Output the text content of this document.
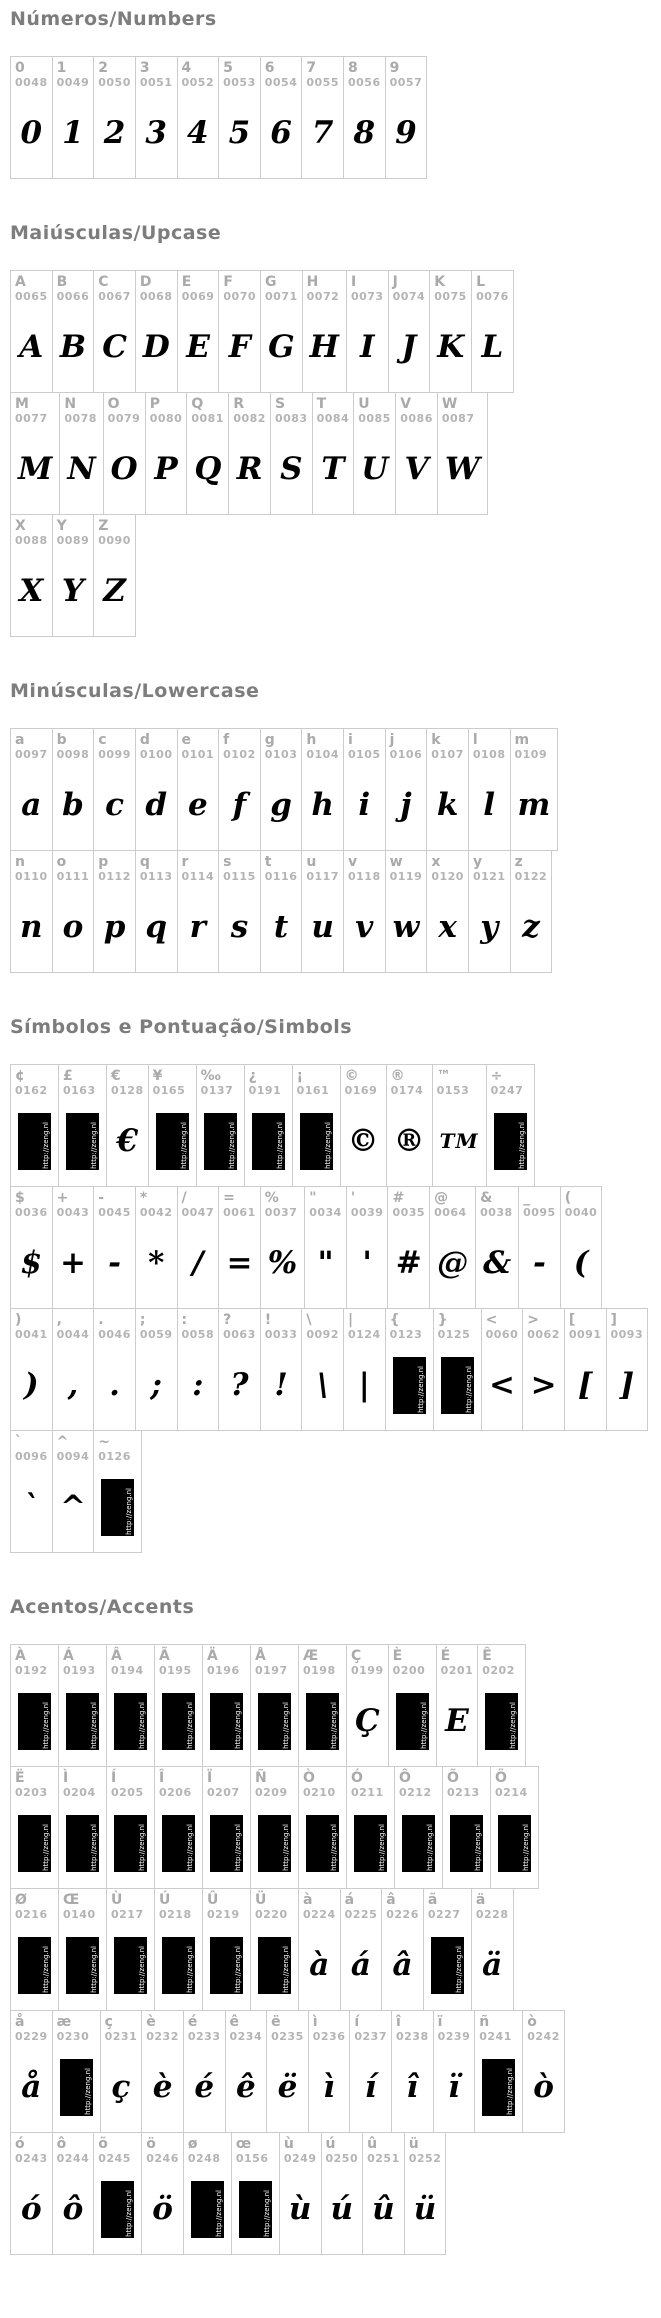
Números/Numbers
0
0048
0
1
0049
1
2
0050
2
3
0051
3
4
0052
4
5
0053
5
6
0054
6
7
0055
7
8
0056
8
9
0057
9
Maiúsculas/Upcase
A
0065
A
B
0066
B
C
0067
C
D
0068
D
E
0069
E
F
0070
F
G
0071
G
H
0072
H
I
0073
I
J
0074
J
K
0075
K
L
0076
L
M
0077
M
N
0078
N
O
0079
O
P
0080
P
Q
0081
Q
R
0082
R
S
0083
S
T
0084
T
U
0085
U
V
0086
V
W
0087
W
X
0088
X
Y
0089
Y
Z
0090
Z
Minúsculas/Lowercase
a
0097
a
b
0098
b
c
0099
c
d
0100
d
e
0101
e
f
0102
f
g
0103
g
h
0104
h
i
0105
i
j
0106
j
k
0107
k
l
0108
l
m
0109
m
n
0110
n
o
0111
o
p
0112
p
q
0113
q
r
0114
r
s
0115
s
t
0116
t
u
0117
u
v
0118
v
w
0119
w
x
0120
x
y
0121
y
z
0122
z
Símbolos e Pontuação/Simbols
¢
0162
http://zeng.nl
£
0163
http://zeng.nl
€
0128
€
¥
0165
http://zeng.nl
‰
0137
http://zeng.nl
¿
0191
http://zeng.nl
¡
0161
http://zeng.nl
©
0169
©
®
0174
®
™
0153
TM
÷
0247
http://zeng.nl
$
0036
$
+
0043
+
-
0045
-
*
0042
*
/
0047
/
=
0061
=
%
0037
%
"
0034
"
'
0039
'
#
0035
#
@
0064
@
&
0038
&
_
0095
-
(
0040
(
)
0041
)
,
0044
,
.
0046
.
;
0059
;
:
0058
:
?
0063
?
!
0033
!
\
0092
\
|
0124
|
{
0123
http://zeng.nl
}
0125
http://zeng.nl
<
0060
<
>
0062
>
[
0091
[
]
0093
]
`
0096
`
^
0094
^
~
0126
http://zeng.nl
Acentos/Accents
À
0192
http://zeng.nl
Á
0193
http://zeng.nl
Â
0194
http://zeng.nl
Ã
0195
http://zeng.nl
Ä
0196
http://zeng.nl
Å
0197
http://zeng.nl
Æ
0198
http://zeng.nl
Ç
0199
Ç
È
0200
http://zeng.nl
É
0201
E
Ê
0202
http://zeng.nl
Ë
0203
http://zeng.nl
Ì
0204
http://zeng.nl
Í
0205
http://zeng.nl
Î
0206
http://zeng.nl
Ï
0207
http://zeng.nl
Ñ
0209
http://zeng.nl
Ò
0210
http://zeng.nl
Ó
0211
http://zeng.nl
Ô
0212
http://zeng.nl
Õ
0213
http://zeng.nl
Ö
0214
http://zeng.nl
Ø
0216
http://zeng.nl
Œ
0140
http://zeng.nl
Ù
0217
http://zeng.nl
Ú
0218
http://zeng.nl
Û
0219
http://zeng.nl
Ü
0220
http://zeng.nl
à
0224
à
á
0225
á
â
0226
â
ã
0227
http://zeng.nl
ä
0228
ä
å
0229
å
æ
0230
http://zeng.nl
ç
0231
ç
è
0232
è
é
0233
é
ê
0234
ê
ë
0235
ë
ì
0236
ì
í
0237
í
î
0238
î
ï
0239
ï
ñ
0241
http://zeng.nl
ò
0242
ò
ó
0243
ó
ô
0244
ô
õ
0245
http://zeng.nl
ö
0246
ö
ø
0248
http://zeng.nl
œ
0156
http://zeng.nl
ù
0249
ù
ú
0250
ú
û
0251
û
ü
0252
ü
